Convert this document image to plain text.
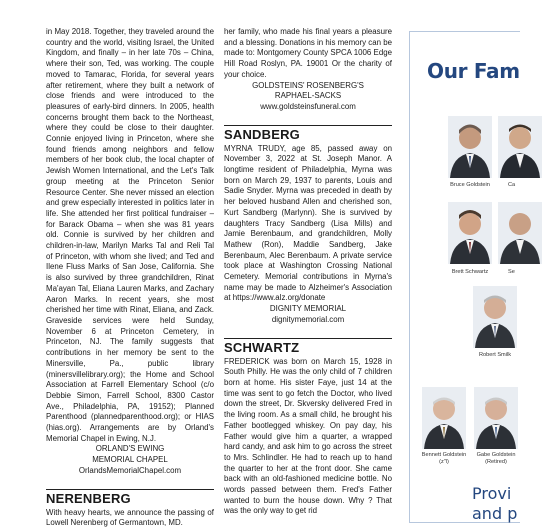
in May 2018. Together, they traveled around the country and the world, visiting Israel, the United Kingdom, and finally – in her late 70s – China, where their son, Ted, was working. The couple moved to Tamarac, Florida, for several years after retirement, where they built a network of close friends and were introduced to the pleasures of early-bird dinners. In 2005, health concerns brought them back to the Northeast, where they could be close to their daughter. Connie enjoyed living in Princeton, where she found friends among neighbors and fellow members of her book club, the local chapter of Jewish Women International, and the Let's Talk group meeting at the Princeton Senior Resource Center. She never missed an election and grew especially interested in politics later in life. She attended her first political fundraiser – for Barack Obama – when she was 81 years old. Connie is survived by her children and children-in-law, Marilyn Marks Tal and Reli Tal of Princeton, with whom she lived; and Ted and Ilene Fluss Marks of San Jose, California. She is also survived by three grandchildren, Rinat Ma'ayan Tal, Eliana Lauren Marks, and Zachary Aaron Marks. In recent years, she most cherished her time with Rinat, Eliana, and Zack. Graveside services were held Sunday, November 6 at Princeton Cemetery, in Princeton, NJ. The family suggests that contributions in her memory be sent to the Minersville, Pa., public library (minersvillelibrary.org); the Home and School Association at Farrell Elementary School (c/o Debbie Simon, Farrell School, 8300 Castor Ave., Philadelphia, PA, 19152); Planned Parenthood (plannedparenthood.org); or HIAS (hias.org). Arrangements are by Orland's Memorial Chapel in Ewing, N.J.

ORLAND'S EWING
MEMORIAL CHAPEL
OrlandsMemorialChapel.com
NERENBERG

With heavy hearts, we announce the passing of Lowell Nerenberg of Germantown, MD.

her family, who made his final years a pleasure and a blessing. Donations in his memory can be made to: Montgomery County SPCA 1006 Edge Hill Road Roslyn, PA. 19001 Or the charity of your choice.

GOLDSTEINS' ROSENBERG'S
RAPHAEL-SACKS
www.goldsteinsfuneral.com
SANDBERG

MYRNA TRUDY, age 85, passed away on November 3, 2022 at St. Joseph Manor. A longtime resident of Philadelphia, Myrna was born on March 29, 1937 to parents, Louis and Sadie Snyder. Myrna was preceded in death by her beloved husband Allen and cherished son, Kurt Sandberg (Marlynn). She is survived by daughters Tracy Sandberg (Lisa Mills) and Jamie Berenbaum, and grandchildren, Molly Mathew (Ron), Maddie Sandberg, Jake Berenbaum, Alec Berenbaum. A private service took place at Washington Crossing National Cemetery. Memorial contributions in Myrna's name may be made to Alzheimer's Association at https://www.alz.org/donate

DIGNITY MEMORIAL
dignitymemorial.com
SCHWARTZ

FREDERICK was born on March 15, 1928 in South Philly. He was the only child of 7 children born at home. His sister Faye, just 14 at the time was sent to go fetch the Doctor, who lived down the street, Dr. Skversky delivered Fred in the living room. As a small child, he brought his Father bootlegged whiskey. On pay day, his Father would give him a quarter, a wrapped hard candy, and ask him to go across the street to Mrs. Schlindler. He had to reach up to hand the quarter to her at the front door. She came back with an old-fashioned medicine bottle. No words passed between them. Fred's Father wanted to burn the house down. Why ? That was the only way to get rid

Our Fam
Bruce Goldstein	Ca
Brett Schwartz	Se
Robert Smilk
Bennett Goldstein
(z"l)
Gabe Goldstein
(Retired)
Provi
and p
